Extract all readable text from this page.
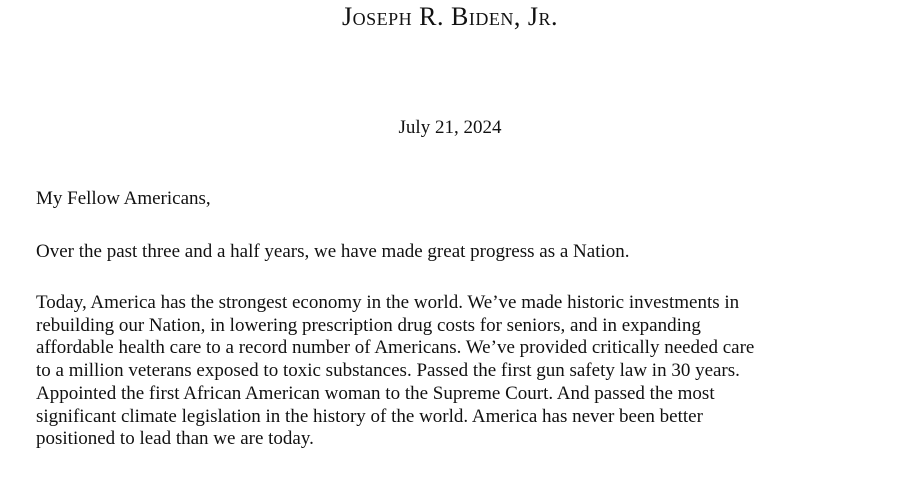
Joseph R. Biden, Jr.
July 21, 2024
My Fellow Americans,
Over the past three and a half years, we have made great progress as a Nation.
Today, America has the strongest economy in the world. We’ve made historic investments in
rebuilding our Nation, in lowering prescription drug costs for seniors, and in expanding
affordable health care to a record number of Americans. We’ve provided critically needed care
to a million veterans exposed to toxic substances. Passed the first gun safety law in 30 years.
Appointed the first African American woman to the Supreme Court. And passed the most
significant climate legislation in the history of the world. America has never been better
positioned to lead than we are today.
